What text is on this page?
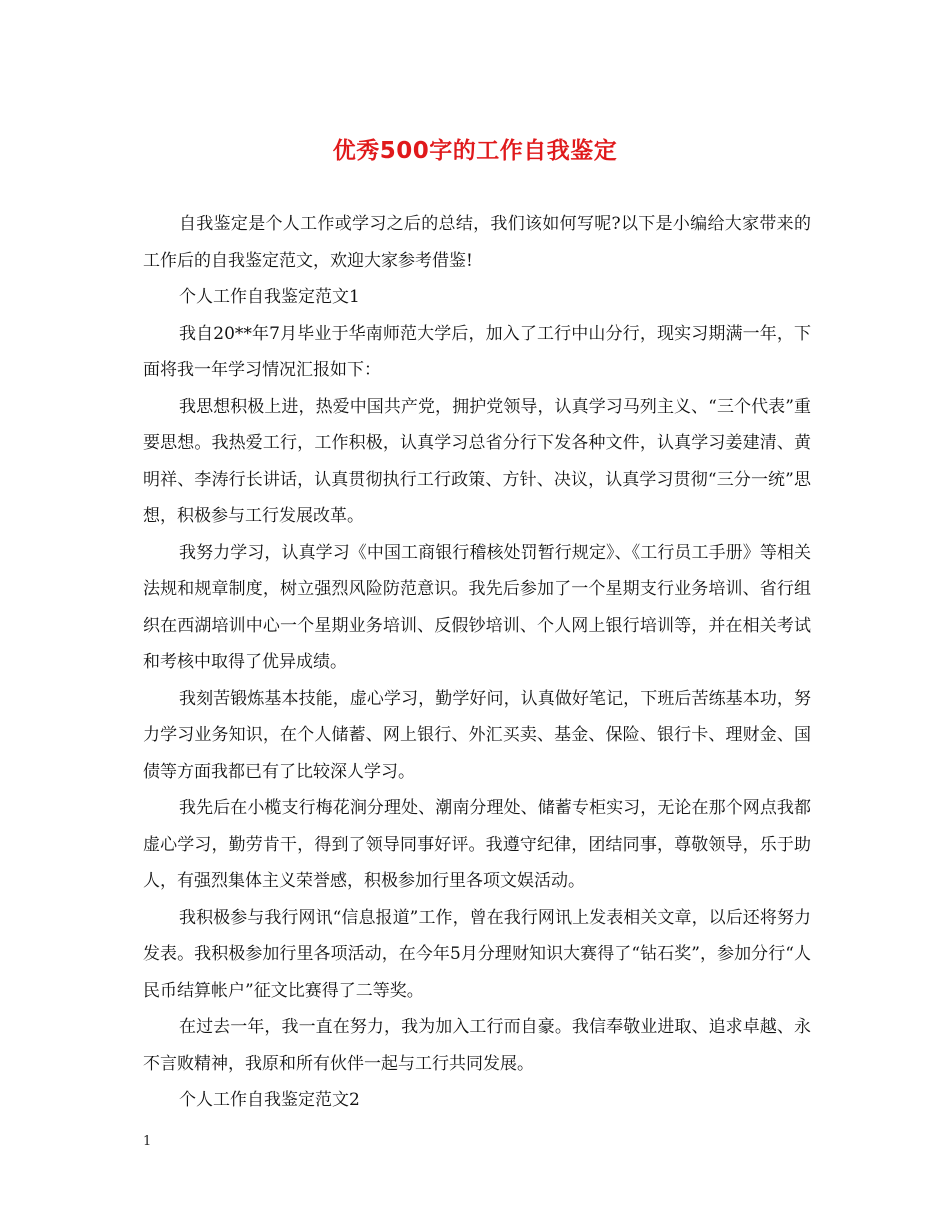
优秀500字的工作自我鉴定

自我鉴定是个人工作或学习之后的总结，我们该如何写呢?以下是小编给大家带来的工作后的自我鉴定范文，欢迎大家参考借鉴!

个人工作自我鉴定范文1

我自20**年7月毕业于华南师范大学后，加入了工行中山分行，现实习期满一年，下面将我一年学习情况汇报如下：

我思想积极上进，热爱中国共产党，拥护党领导，认真学习马列主义、“三个代表”重要思想。我热爱工行，工作积极，认真学习总省分行下发各种文件，认真学习姜建清、黄明祥、李涛行长讲话，认真贯彻执行工行政策、方针、决议，认真学习贯彻“三分一统”思想，积极参与工行发展改革。

我努力学习，认真学习《中国工商银行稽核处罚暂行规定》、《工行员工手册》等相关法规和规章制度，树立强烈风险防范意识。我先后参加了一个星期支行业务培训、省行组织在西湖培训中心一个星期业务培训、反假钞培训、个人网上银行培训等，并在相关考试和考核中取得了优异成绩。

我刻苦锻炼基本技能，虚心学习，勤学好问，认真做好笔记，下班后苦练基本功，努力学习业务知识，在个人储蓄、网上银行、外汇买卖、基金、保险、银行卡、理财金、国债等方面我都已有了比较深人学习。

我先后在小榄支行梅花涧分理处、潮南分理处、储蓄专柜实习，无论在那个网点我都虚心学习，勤劳肯干，得到了领导同事好评。我遵守纪律，团结同事，尊敬领导，乐于助人，有强烈集体主义荣誉感，积极参加行里各项文娱活动。

我积极参与我行网讯“信息报道”工作，曾在我行网讯上发表相关文章，以后还将努力发表。我积极参加行里各项活动，在今年5月分理财知识大赛得了“钻石奖”，参加分行“人民币结算帐户”征文比赛得了二等奖。

在过去一年，我一直在努力，我为加入工行而自豪。我信奉敬业进取、追求卓越、永不言败精神，我原和所有伙伴一起与工行共同发展。

个人工作自我鉴定范文2

1
